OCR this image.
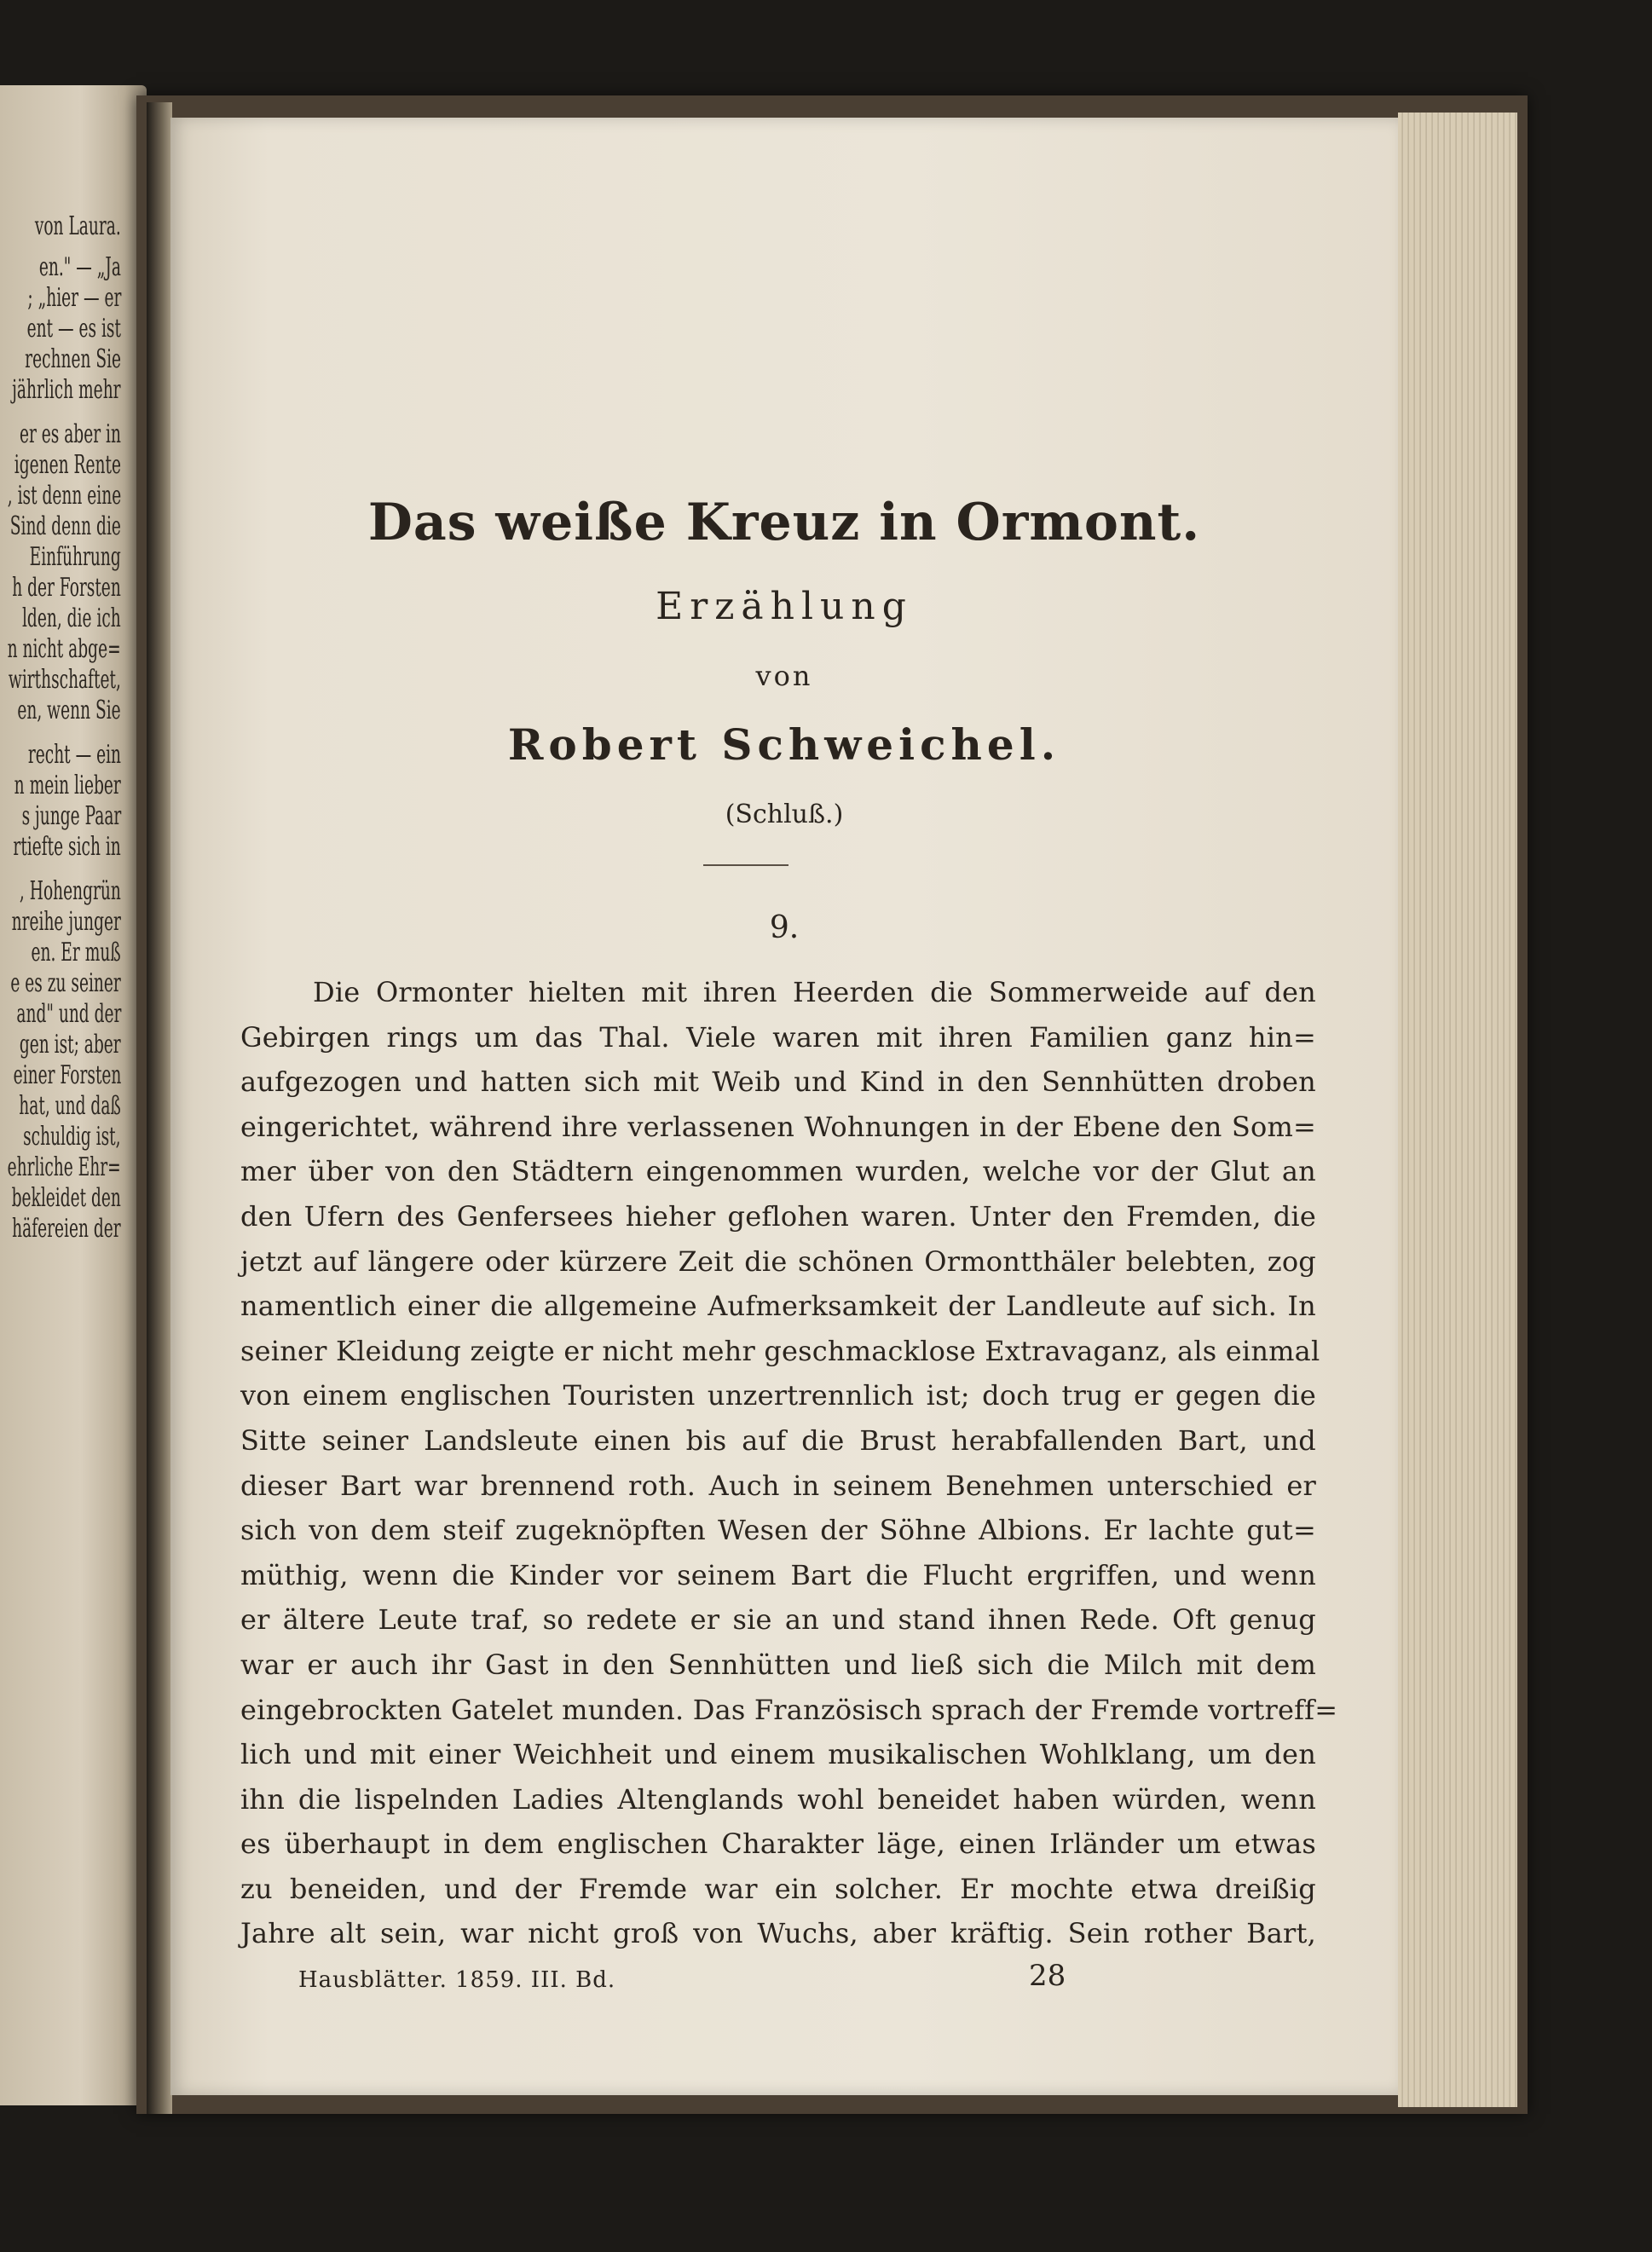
von Laura.
en." — „Ja
; „hier — er
ent — es ist
rechnen Sie
jährlich mehr
er es aber in
igenen Rente
, ist denn eine
Sind denn die
Einführung
h der Forsten
lden, die ich
n nicht abge=
wirthschaftet,
en, wenn Sie
recht — ein
n mein lieber
s junge Paar
rtiefte sich in
, Hohengrün
nreihe junger
en. Er muß
e es zu seiner
and" und der
gen ist; aber
einer Forsten
hat, und daß
schuldig ist,
ehrliche Ehr=
bekleidet den
häfereien der
Das weiße Kreuz in Ormont.
Erzählung
von
Robert Schweichel.
(Schluß.)
9.
Die Ormonter hielten mit ihren Heerden die Sommerweide auf den
Gebirgen rings um das Thal. Viele waren mit ihren Familien ganz hin=
aufgezogen und hatten sich mit Weib und Kind in den Sennhütten droben
eingerichtet, während ihre verlassenen Wohnungen in der Ebene den Som=
mer über von den Städtern eingenommen wurden, welche vor der Glut an
den Ufern des Genfersees hieher geflohen waren. Unter den Fremden, die
jetzt auf längere oder kürzere Zeit die schönen Ormontthäler belebten, zog
namentlich einer die allgemeine Aufmerksamkeit der Landleute auf sich. In
seiner Kleidung zeigte er nicht mehr geschmacklose Extravaganz, als einmal
von einem englischen Touristen unzertrennlich ist; doch trug er gegen die
Sitte seiner Landsleute einen bis auf die Brust herabfallenden Bart, und
dieser Bart war brennend roth. Auch in seinem Benehmen unterschied er
sich von dem steif zugeknöpften Wesen der Söhne Albions. Er lachte gut=
müthig, wenn die Kinder vor seinem Bart die Flucht ergriffen, und wenn
er ältere Leute traf, so redete er sie an und stand ihnen Rede. Oft genug
war er auch ihr Gast in den Sennhütten und ließ sich die Milch mit dem
eingebrockten Gatelet munden. Das Französisch sprach der Fremde vortreff=
lich und mit einer Weichheit und einem musikalischen Wohlklang, um den
ihn die lispelnden Ladies Altenglands wohl beneidet haben würden, wenn
es überhaupt in dem englischen Charakter läge, einen Irländer um etwas
zu beneiden, und der Fremde war ein solcher. Er mochte etwa dreißig
Jahre alt sein, war nicht groß von Wuchs, aber kräftig. Sein rother Bart,
Hausblätter. 1859. III. Bd.	28
